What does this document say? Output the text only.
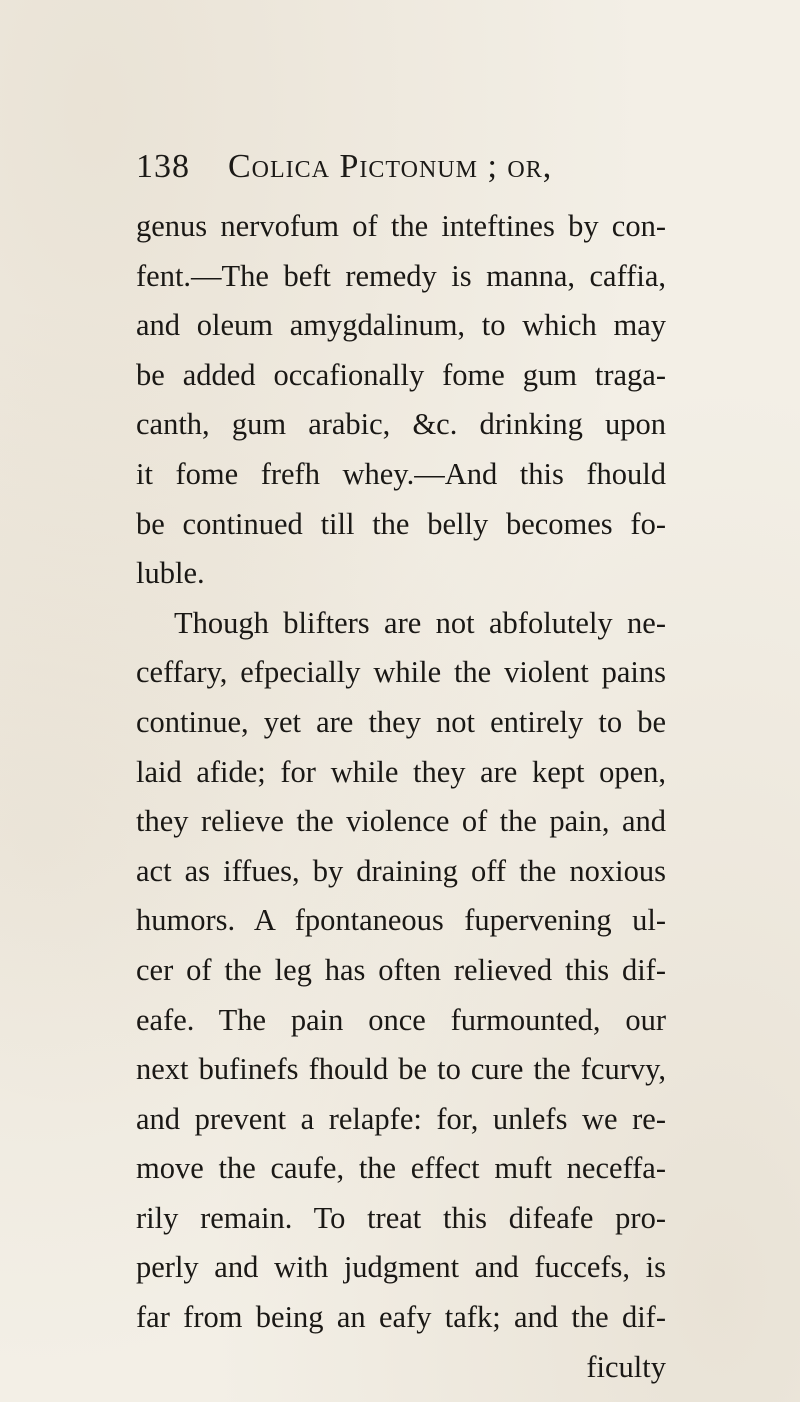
138 Colica Pictonum ; or,
genus nervofum of the inteftines by con-
fent.—The beft remedy is manna, caffia,
and oleum amygdalinum, to which may
be added occafionally fome gum traga-
canth, gum arabic, &c. drinking upon
it fome frefh whey.—And this fhould
be continued till the belly becomes fo-
luble.
Though blifters are not abfolutely ne-
ceffary, efpecially while the violent pains
continue, yet are they not entirely to be
laid afide; for while they are kept open,
they relieve the violence of the pain, and
act as iffues, by draining off the noxious
humors. A fpontaneous fupervening ul-
cer of the leg has often relieved this dif-
eafe. The pain once furmounted, our
next bufinefs fhould be to cure the fcurvy,
and prevent a relapfe: for, unlefs we re-
move the caufe, the effect muft neceffa-
rily remain. To treat this difeafe pro-
perly and with judgment and fuccefs, is
far from being an eafy tafk; and the dif-
ficulty
